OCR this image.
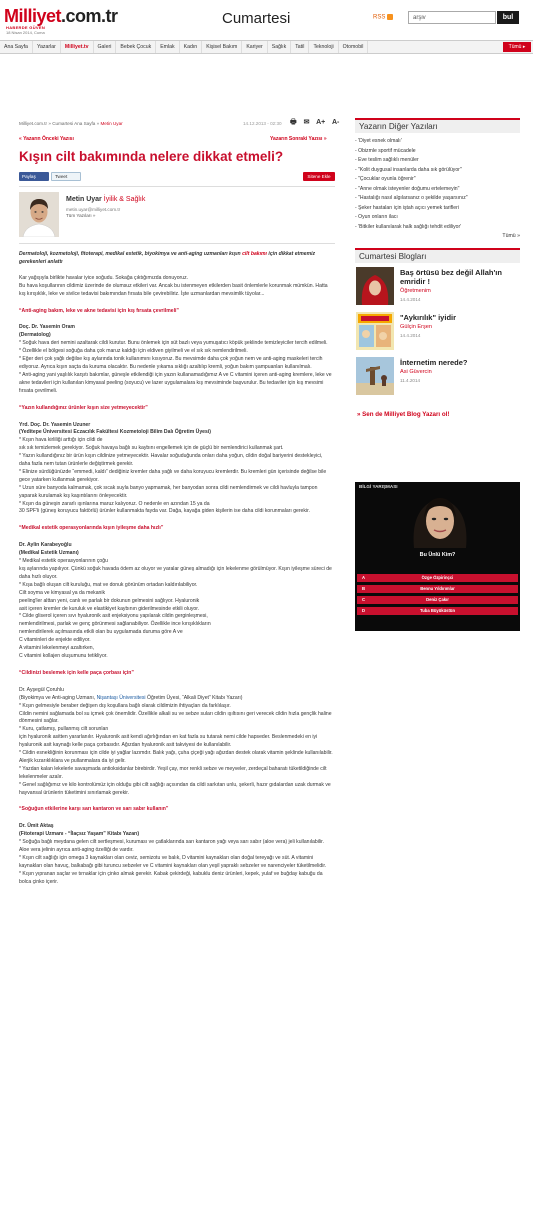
Milliyet.com.tr
HABERDE GÜVEN
18 Nisan 2014, Cuma
Cumartesi	RSS
arşiv	bul
Ana Sayfa	Yazarlar	Milliyet.tv	Galeri	Bebek Çocuk	Emlak	Kadın	Kişisel Bakım	Kariyer	Sağlık	Tatil	Teknoloji	Otomobil	Tümü ▸
Milliyet.com.tr » Cumartesi Ana Sayfa » Metin Uyar	14.12.2013 - 02:30 🖶 ✉ A+ A-
« Yazarın Önceki Yazısı	Yazarın Sonraki Yazısı »
Kışın cilt bakımında nelere dikkat etmeli?
Paylaş	Tweet	Sitene Ekle
Metin Uyar İyilik & Sağlık
metin.uyar@milliyet.com.tr
Tüm Yazıları »

Dermatoloji, kozmetoloji, fitoterapi, medikal estetik, biyokimya ve anti-aging uzmanları kışın cilt bakımı için dikkat etmemiz gerekenleri anlattı

Kar yağışıyla birlikte havalar iyice soğudu. Sokağa çıktığımızda donuyoruz.

Bu hava koşullarının cildimiz üzerinde de olumsuz etkileri var. Ancak bu istenmeyen etkilerden basit önlemlerle korunmak mümkün. Hatta kış kırışıklık, leke ve sivilce tedavisi bakımından fırsata bile çevirebiliriz. İşte uzmanlardan mevsimlik tüyolar...

“Anti-aging bakım, leke ve akne tedavisi için kış fırsata çevrilmeli”

Doç. Dr. Yasemin Oram

(Dermatolog)

* Soğuk hava deri nemini azaltarak cildi kurutur. Bunu önlemek için süt bazlı veya yumuşatıcı köpük şeklinde temizleyiciler tercih edilmeli.

* Özellikle el bölgesi soğuğa daha çok maruz kaldığı için eldiven giyilmeli ve el sık sık nemlendirilmeli.

* Eğer deri çok yağlı değilse kış aylarında tonik kullanımını kısıyoruz. Bu mevsimde daha çok yoğun nem ve anti-aging maskeleri tercih ediyoruz. Ayrıca kışın saçta da kuruma olacaktır. Bu nedenle yıkama sıklığı azaltılıp kremli, yoğun bakım şampuanları kullanılmalı.

* Anti-aging yani yaşlılık karşıtı bakımlar, güneşle etkilendiği için yazın kullanamadığımız A ve C vitamini içeren anti-aging kremlere, leke ve akne tedavileri için kullanılan kimyasal peeling (soyucu) ve lazer uygulamalara kış mevsiminde başvurulur. Bu tedaviler için kış mevsimi fırsata çevrilmeli.

“Yazın kullandığınız ürünler kışın size yetmeyecektir”

Yrd. Doç. Dr. Yasemin Uzuner

(Yeditepe Üniversitesi Eczacılık Fakültesi Kozmetoloji Bilim Dalı Öğretim Üyesi)

* Kışın hava kirliliği arttığı için cildi de

sık sık temizlemek gerekiyor. Soğuk havaya bağlı su kaybını engellemek için de güçlü bir nemlendirici kullanmak şart.

* Yazın kullandığınız bir ürün kışın cildinize yetmeyecektir. Havalar soğuduğunda onları daha yoğun, cildin doğal bariyerini destekleyici, daha fazla nem tutan ürünlerle değiştirmek gerekir.

* Elinize sürdüğünüzde “emmedi, kaldı” dediğiniz kremler daha yağlı ve daha koruyucu kremlerdir. Bu kremleri gün içerisinde değilse bile gece yatarken kullanmak gerekiyor.

* Uzun süre banyoda kalmamak, çok sıcak suyla banyo yapmamak, her banyodan sonra cildi nemlendirmek ve cildi havluyla tampon yaparak kurulamak kış kaşıntılarını önleyecektir.

* Kışın da güneşin zararlı ışınlarına maruz kalıyoruz. O nedenle en azından 15 ya da

30 SPF'li (güneş koruyucu faktörlü) ürünler kullanmakta fayda var. Dağa, kayağa giden kişilerin ise daha cildi korunmaları gerekir.

“Medikal estetik operasyonlarında kışın iyileşme daha hızlı”

Dr. Aylin Karabeyoğlu

(Medikal Estetik Uzmanı)

* Medikal estetik operasyonlarının çoğu

kış aylarında yapılıyor. Çünkü soğuk havada ödem az oluyor ve yaralar güneş almadığı için lekelenme görülmüyor. Kışın iyileşme süreci de daha hızlı oluyor.

* Kışa bağlı oluşan cilt kuruluğu, mat ve donuk görünüm ortadan kaldırılabiliyor.

Cilt soyma ve kimyasal ya da mekanik

peeling'ler alttan yeni, canlı ve parlak bir dokunun gelmesini sağlıyor. Hyaluronik

asit içeren kremler de kuruluk ve elastikiyet kaybının giderilmesinde etkili oluyor.

* Cilde gliserol içeren sıvı hyaluronik asit enjeksiyonu yapılarak cildin gerginleşmesi,

nemlendirilmesi, parlak ve genç görünmesi sağlanabiliyor. Özellikle ince kırışıklıkların

nemlendirilerek açılmasında etkili olan bu uygulamada duruma göre A ve

C vitaminleri de enjekte ediliyor.

A vitamini lekelenmeyi azaltırken,

C vitamini kollajen oluşumunu tetikliyor.

“Cildinizi beslemek için kelle paça çorbası için”

Dr. Ayşegül Çoruhlu

(Biyokimya ve Anti-aging Uzmanı, Nişantaşı Üniversitesi Öğretim Üyesi, “Alkali Diyet” Kitabı Yazarı)

* Kışın gelmesiyle beraber değişen dış koşullara bağlı olarak cildimizin ihtiyaçları da farklılaşır.

Cildin nemini sağlamada bol su içmek çok önemlidir. Özellikle alkali su ve sebze suları cildin ışıltısını geri verecek cildin hızla gençlik haline dönmesini sağlar.

* Kuru, çatlamış, pullanmış cilt sorunları

için hyaluronik asitten yararlanılır. Hyaluronik asit kendi ağırlığından en kat fazla su tutarak nemi cilde hapseder. Beslenmedeki en iyi hyaluronik asit kaynağı kelle paça çorbasıdır. Ağızdan hyaluronik asit takviyesi de kullanılabilir.

* Cildin esnekliğinin korunması için cilde iyi yağlar lazımdır. Balık yağı, çuha çiçeği yağı ağızdan destek olarak vitamin şeklinde kullanılabilir. Alerjik kızarıklıklara ve pullanmalara da iyi gelir.

* Yazdan kalan lekelerle savaşmada antioksidanlar birebirdir. Yeşil çay, mor renkli sebze ve meyveler, zerdeçal baharatı tüketildiğinde cilt lekelenmeler azalır.

* Genel sağlığımız ve kilo kontrolümüz için olduğu gibi cilt sağlığı açısından da cildi sarkıtan unlu, şekerli, hazır gıdalardan uzak durmak ve hayvansal ürünlerin tüketimini sınırlamak gerekir.

“Soğuğun etkilerine karşı sarı kantaron ve sarı sabır kullanın”

Dr. Ümit Aktaş

(Fitoterapi Uzmanı - “İlaçsız Yaşam” Kitabı Yazarı)

* Soğuğa bağlı meydana gelen cilt sertleşmesi, kuruması ve çatlaklarında sarı kantaron yağı veya sarı sabır (aloe vera) jeli kullanılabilir. Aloe vera jelinin ayrıca anti-aging özelliği de vardır.

* Kışın cilt sağlığı için omega 3 kaynakları olan ceviz, semizotu ve balık, D vitamini kaynakları olan doğal tereyağı ve süt. A vitamini kaynakları olan havuç, balkabağı gibi turuncu sebzeler ve C vitamini kaynakları olan yeşil yapraklı sebzeler ve narenciyeler tüketilmelidir.

* Kışın yıpranan saçlar ve tırnaklar için çinko almak gerekir. Kabak çekirdeği, kabuklu deniz ürünleri, kepek, yulaf ve buğday kabuğu da

bolca çinko içerir.

Yazarın Diğer Yazıları
- 'Diyet esnek olmalı'
- Obizmle sportif mücadele
- Eve teslim sağlıklı menüler
- "Kolit duygusal insanlarda daha sık görülüyor"
- "Çocuklar oyunla öğrenir"
- "Anne olmak isteyenler doğumu ertelemeyin"
- "Hastalığı nasıl algılarsanız o şekilde yaşarsınız"
- Şeker hastaları için iştah açıcı yemek tarifleri
- Oyun onların ilacı
- 'Bitkiler kullanılarak halk sağlığı tehdit ediliyor'
Tümü »
Cumartesi Blogları
Baş örtüsü bez değil Allah'ın emridir !
Öğretmenim
14.4.2014
"Aykırılık" iyidir
Gülçin Erşen
14.4.2014
İnternetim nerede?
Asi Güvercin
11.4.2014
» Sen de Milliyet Blog Yazarı ol!
BİLGİ YARIŞMASI
Bu Ünlü Kim?
A	Özge Özpirinçci
B	Bennu Yıldırımlar
C	Deniz Çakır
D	Tuba Büyüküstün
